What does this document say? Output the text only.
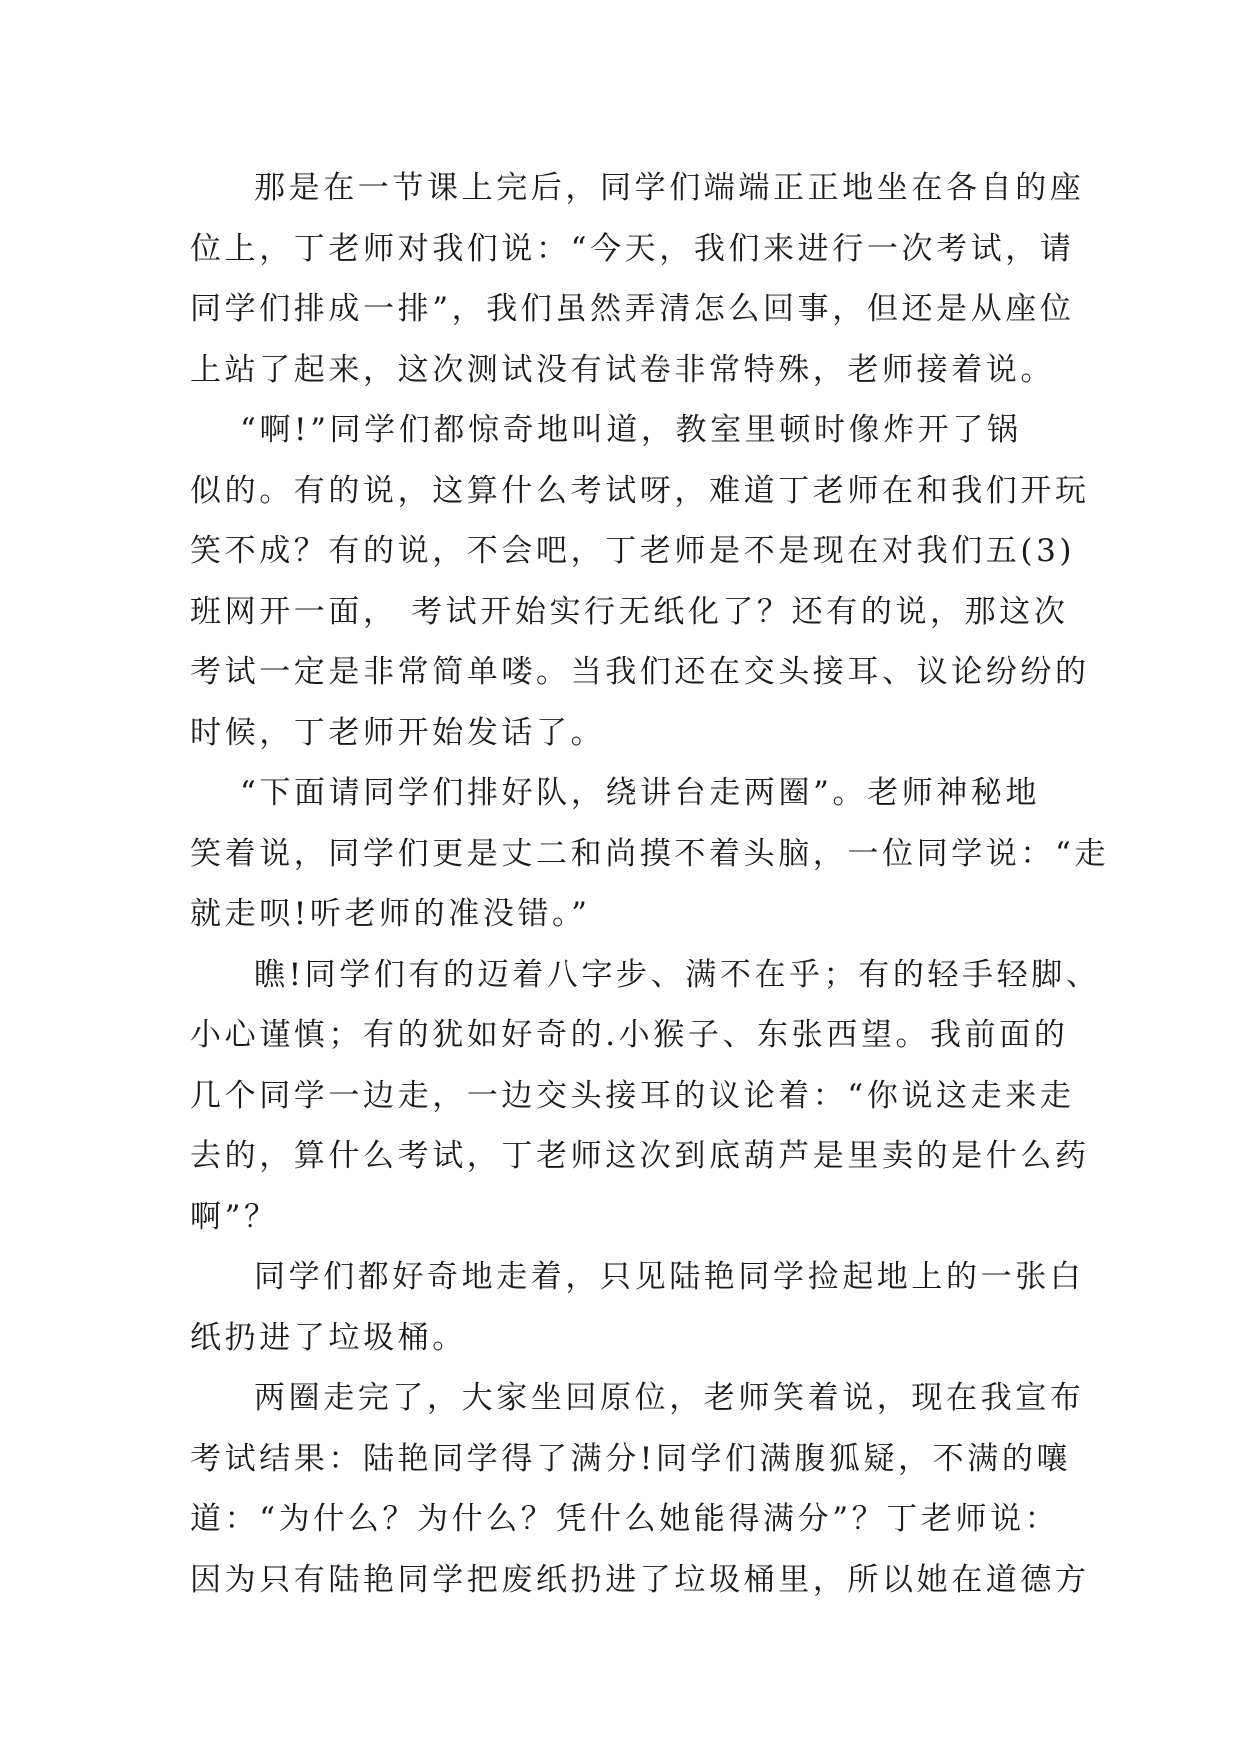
那是在一节课上完后，同学们端端正正地坐在各自的座
位上，丁老师对我们说：“今天，我们来进行一次考试，请
同学们排成一排”，我们虽然弄清怎么回事，但还是从座位
上站了起来，这次测试没有试卷非常特殊，老师接着说。
“啊!”同学们都惊奇地叫道，教室里顿时像炸开了锅
似的。有的说，这算什么考试呀，难道丁老师在和我们开玩
笑不成？有的说，不会吧，丁老师是不是现在对我们五(3)
班网开一面， 考试开始实行无纸化了？还有的说，那这次
考试一定是非常简单喽。当我们还在交头接耳、议论纷纷的
时候，丁老师开始发话了。
“下面请同学们排好队，绕讲台走两圈”。老师神秘地
笑着说，同学们更是丈二和尚摸不着头脑，一位同学说：“走
就走呗!听老师的准没错。”
瞧!同学们有的迈着八字步、满不在乎；有的轻手轻脚、
小心谨慎；有的犹如好奇的.小猴子、东张西望。我前面的
几个同学一边走，一边交头接耳的议论着：“你说这走来走
去的，算什么考试，丁老师这次到底葫芦是里卖的是什么药
啊”？
同学们都好奇地走着，只见陆艳同学捡起地上的一张白
纸扔进了垃圾桶。
两圈走完了，大家坐回原位，老师笑着说，现在我宣布
考试结果：陆艳同学得了满分!同学们满腹狐疑，不满的嚷
道：“为什么？为什么？凭什么她能得满分”？丁老师说：
因为只有陆艳同学把废纸扔进了垃圾桶里，所以她在道德方
